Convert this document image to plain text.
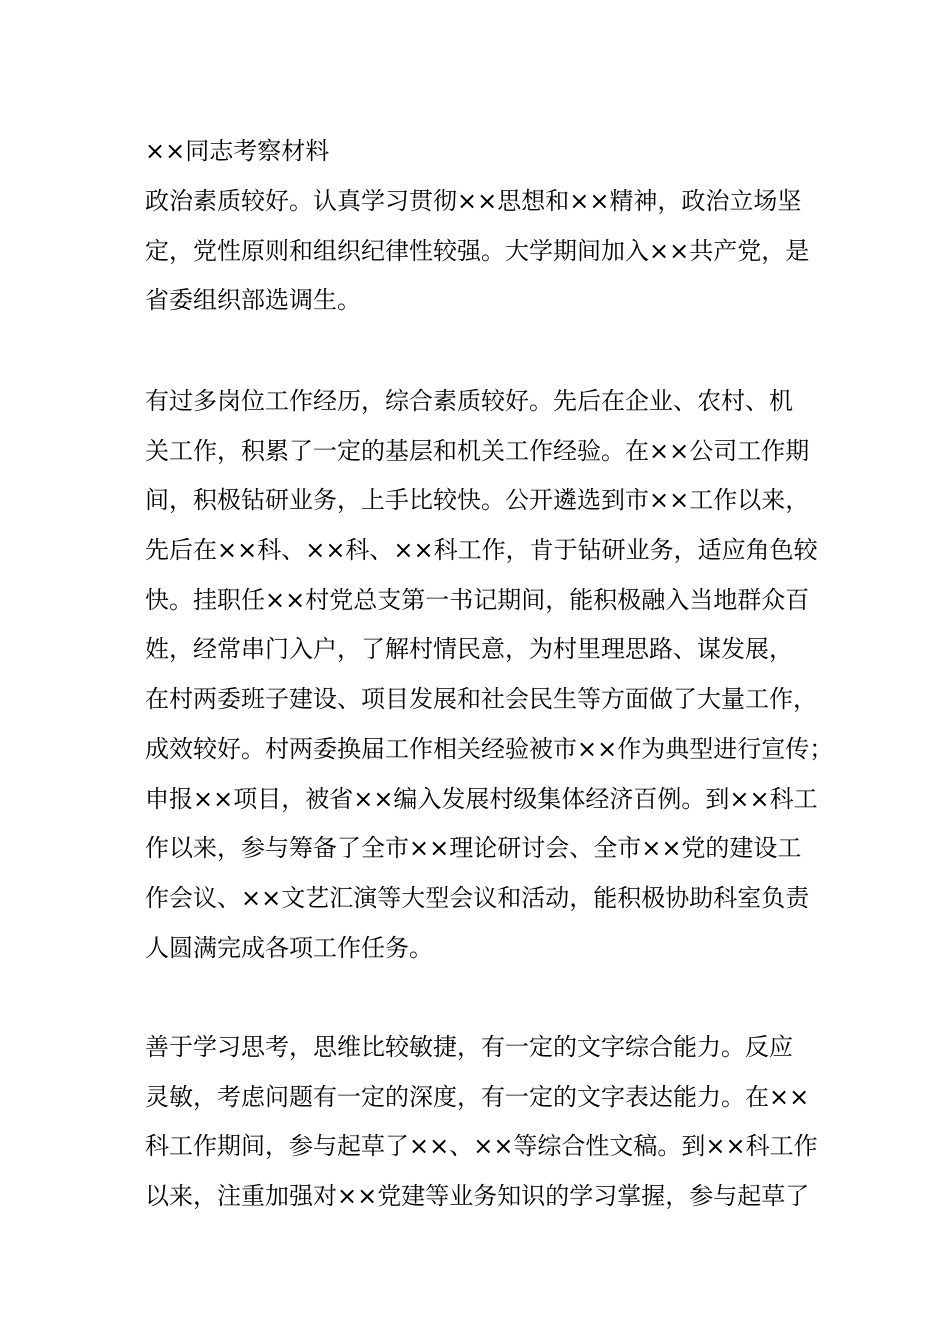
××同志考察材料
政治素质较好。认真学习贯彻××思想和××精神，政治立场坚
定，党性原则和组织纪律性较强。大学期间加入××共产党，是
省委组织部选调生。
有过多岗位工作经历，综合素质较好。先后在企业、农村、机
关工作，积累了一定的基层和机关工作经验。在××公司工作期
间，积极钻研业务，上手比较快。公开遴选到市××工作以来，
先后在××科、××科、××科工作，肯于钻研业务，适应角色较
快。挂职任××村党总支第一书记期间，能积极融入当地群众百
姓，经常串门入户，了解村情民意，为村里理思路、谋发展，
在村两委班子建设、项目发展和社会民生等方面做了大量工作，
成效较好。村两委换届工作相关经验被市××作为典型进行宣传；
申报××项目，被省××编入发展村级集体经济百例。到××科工
作以来，参与筹备了全市××理论研讨会、全市××党的建设工
作会议、××文艺汇演等大型会议和活动，能积极协助科室负责
人圆满完成各项工作任务。
善于学习思考，思维比较敏捷，有一定的文字综合能力。反应
灵敏，考虑问题有一定的深度，有一定的文字表达能力。在××
科工作期间，参与起草了××、××等综合性文稿。到××科工作
以来，注重加强对××党建等业务知识的学习掌握，参与起草了
